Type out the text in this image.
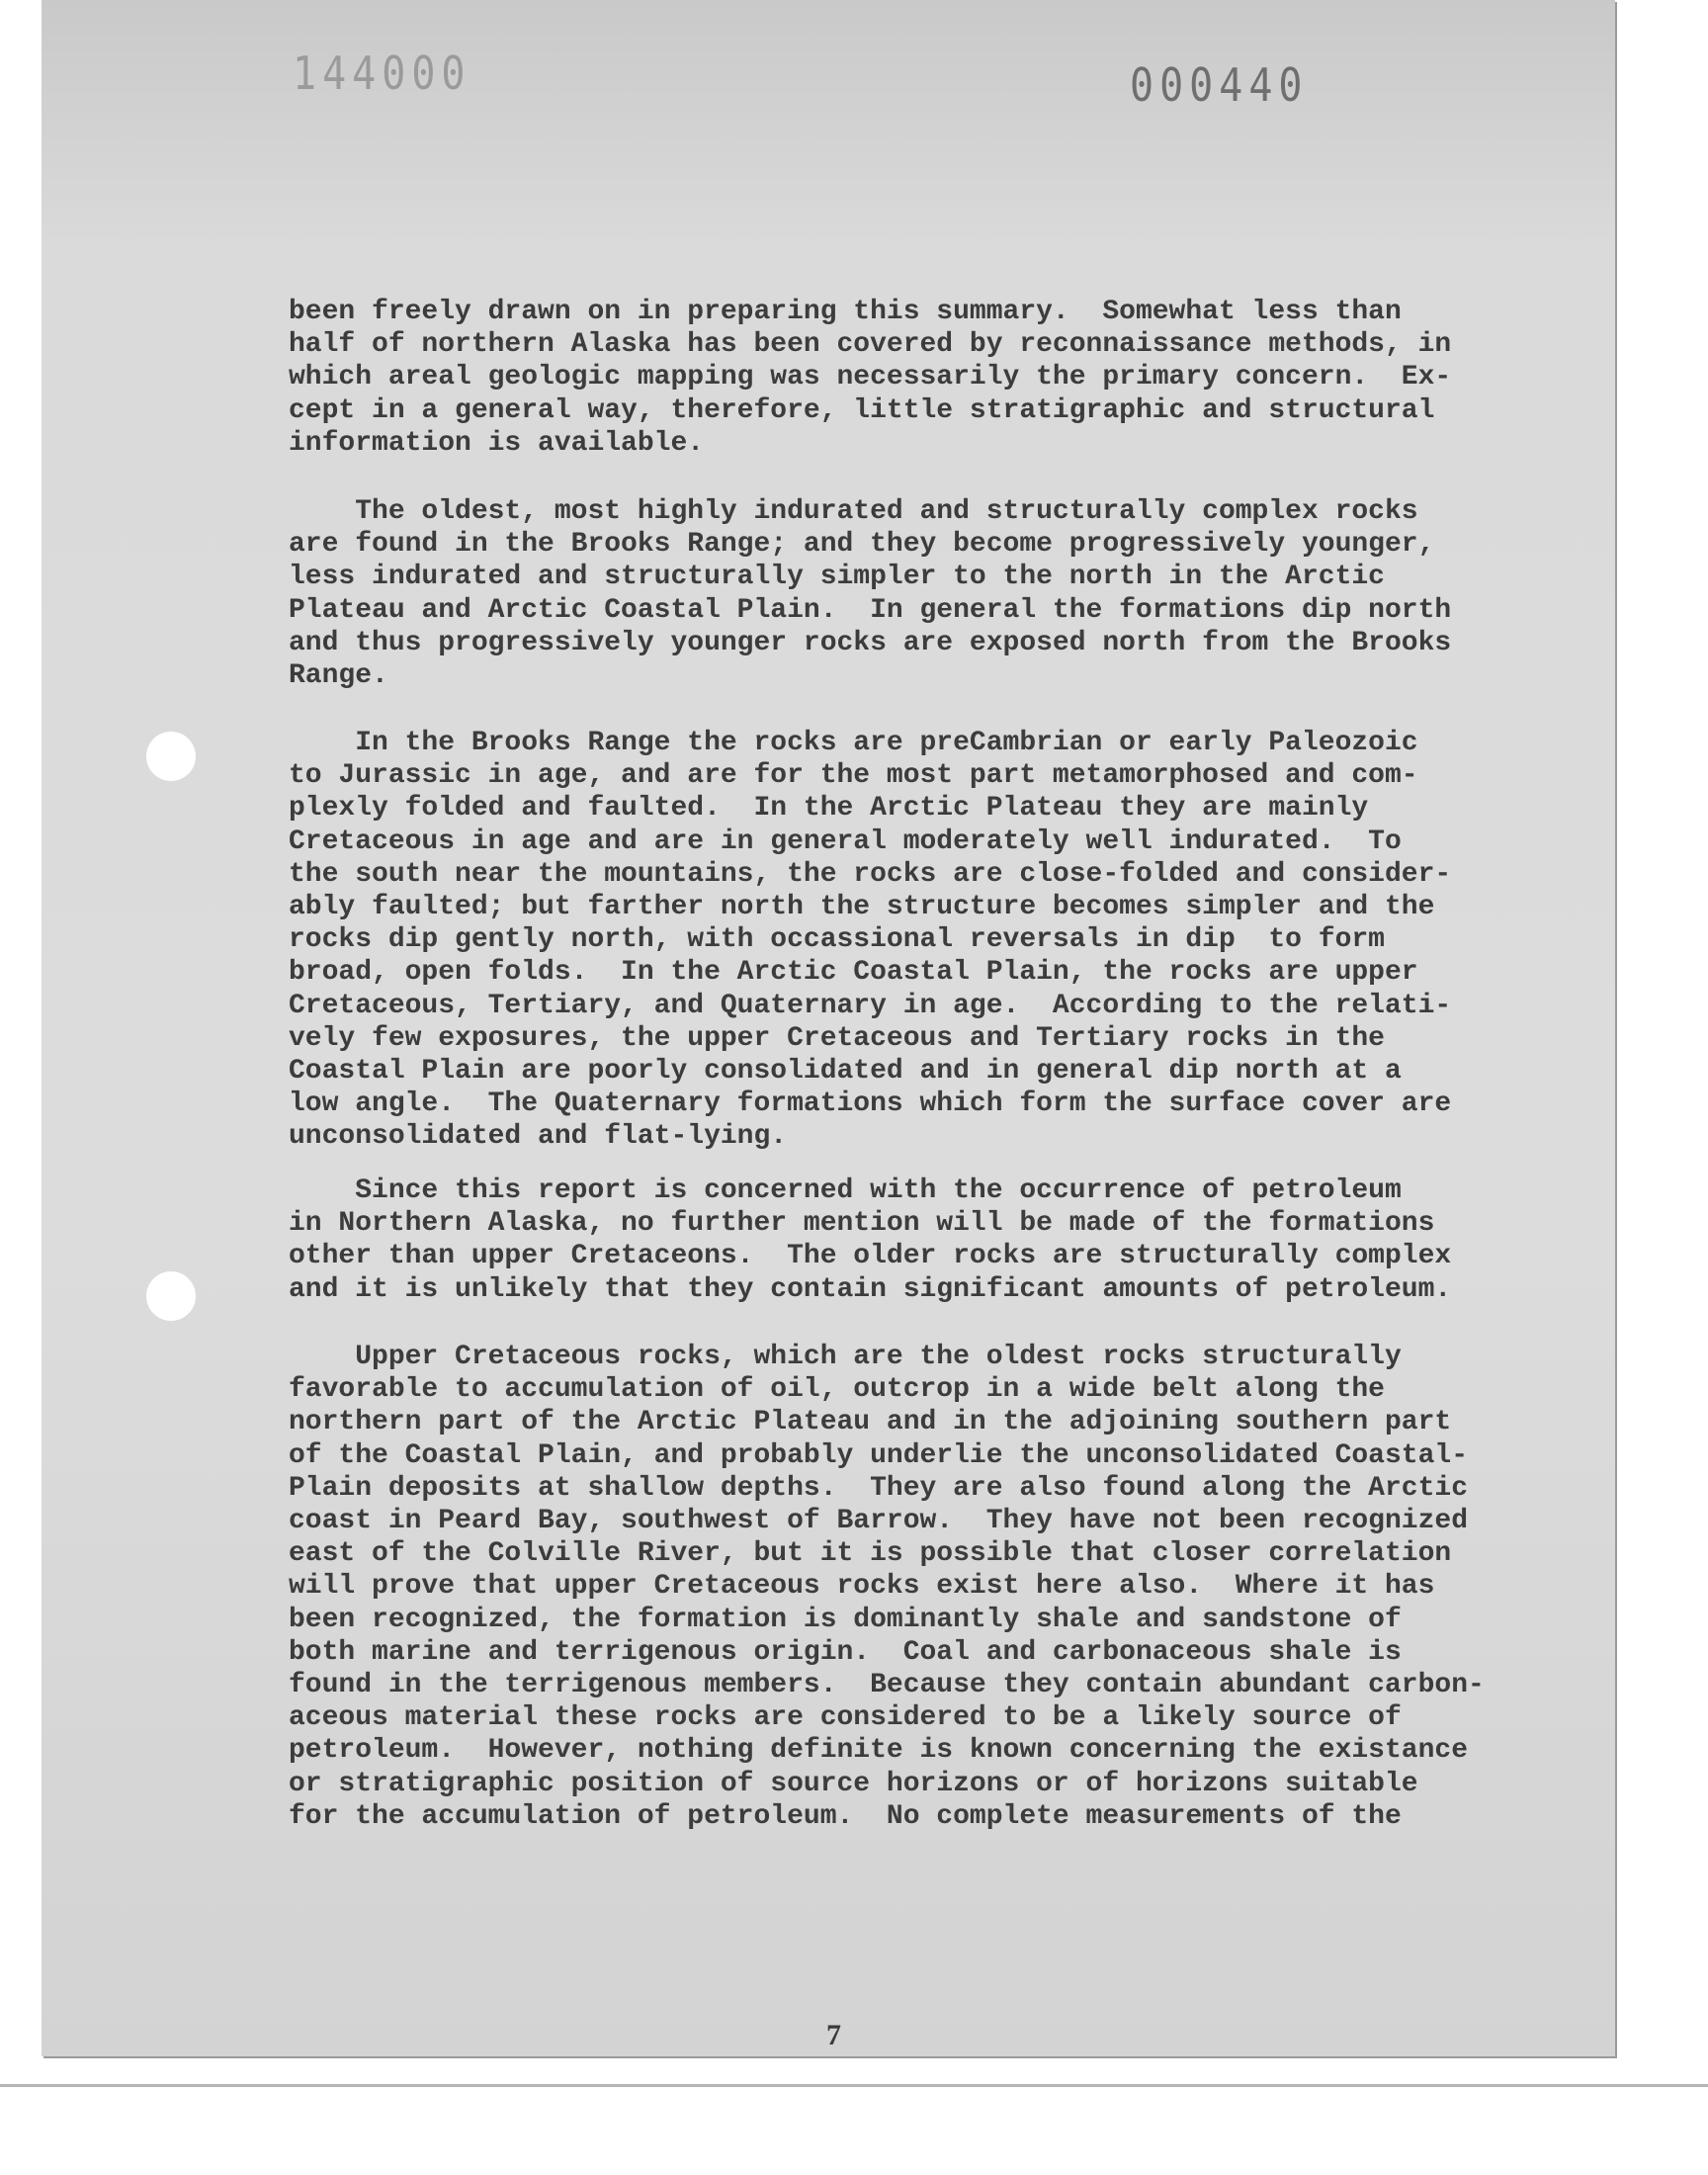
144000	000440

been freely drawn on in preparing this summary.  Somewhat less than
half of northern Alaska has been covered by reconnaissance methods, in
which areal geologic mapping was necessarily the primary concern.  Ex-
cept in a general way, therefore, little stratigraphic and structural
information is available.

The oldest, most highly indurated and structurally complex rocks
are found in the Brooks Range; and they become progressively younger,
less indurated and structurally simpler to the north in the Arctic
Plateau and Arctic Coastal Plain.  In general the formations dip north
and thus progressively younger rocks are exposed north from the Brooks
Range.

In the Brooks Range the rocks are preCambrian or early Paleozoic
to Jurassic in age, and are for the most part metamorphosed and com-
plexly folded and faulted.  In the Arctic Plateau they are mainly
Cretaceous in age and are in general moderately well indurated.  To
the south near the mountains, the rocks are close-folded and consider-
ably faulted; but farther north the structure becomes simpler and the
rocks dip gently north, with occassional reversals in dip  to form
broad, open folds.  In the Arctic Coastal Plain, the rocks are upper
Cretaceous, Tertiary, and Quaternary in age.  According to the relati-
vely few exposures, the upper Cretaceous and Tertiary rocks in the
Coastal Plain are poorly consolidated and in general dip north at a
low angle.  The Quaternary formations which form the surface cover are
unconsolidated and flat-lying.

Since this report is concerned with the occurrence of petroleum
in Northern Alaska, no further mention will be made of the formations
other than upper Cretaceons.  The older rocks are structurally complex
and it is unlikely that they contain significant amounts of petroleum.

Upper Cretaceous rocks, which are the oldest rocks structurally
favorable to accumulation of oil, outcrop in a wide belt along the
northern part of the Arctic Plateau and in the adjoining southern part
of the Coastal Plain, and probably underlie the unconsolidated Coastal-
Plain deposits at shallow depths.  They are also found along the Arctic
coast in Peard Bay, southwest of Barrow.  They have not been recognized
east of the Colville River, but it is possible that closer correlation
will prove that upper Cretaceous rocks exist here also.  Where it has
been recognized, the formation is dominantly shale and sandstone of
both marine and terrigenous origin.  Coal and carbonaceous shale is
found in the terrigenous members.  Because they contain abundant carbon-
aceous material these rocks are considered to be a likely source of
petroleum.  However, nothing definite is known concerning the existance
or stratigraphic position of source horizons or of horizons suitable
for the accumulation of petroleum.  No complete measurements of the

7
